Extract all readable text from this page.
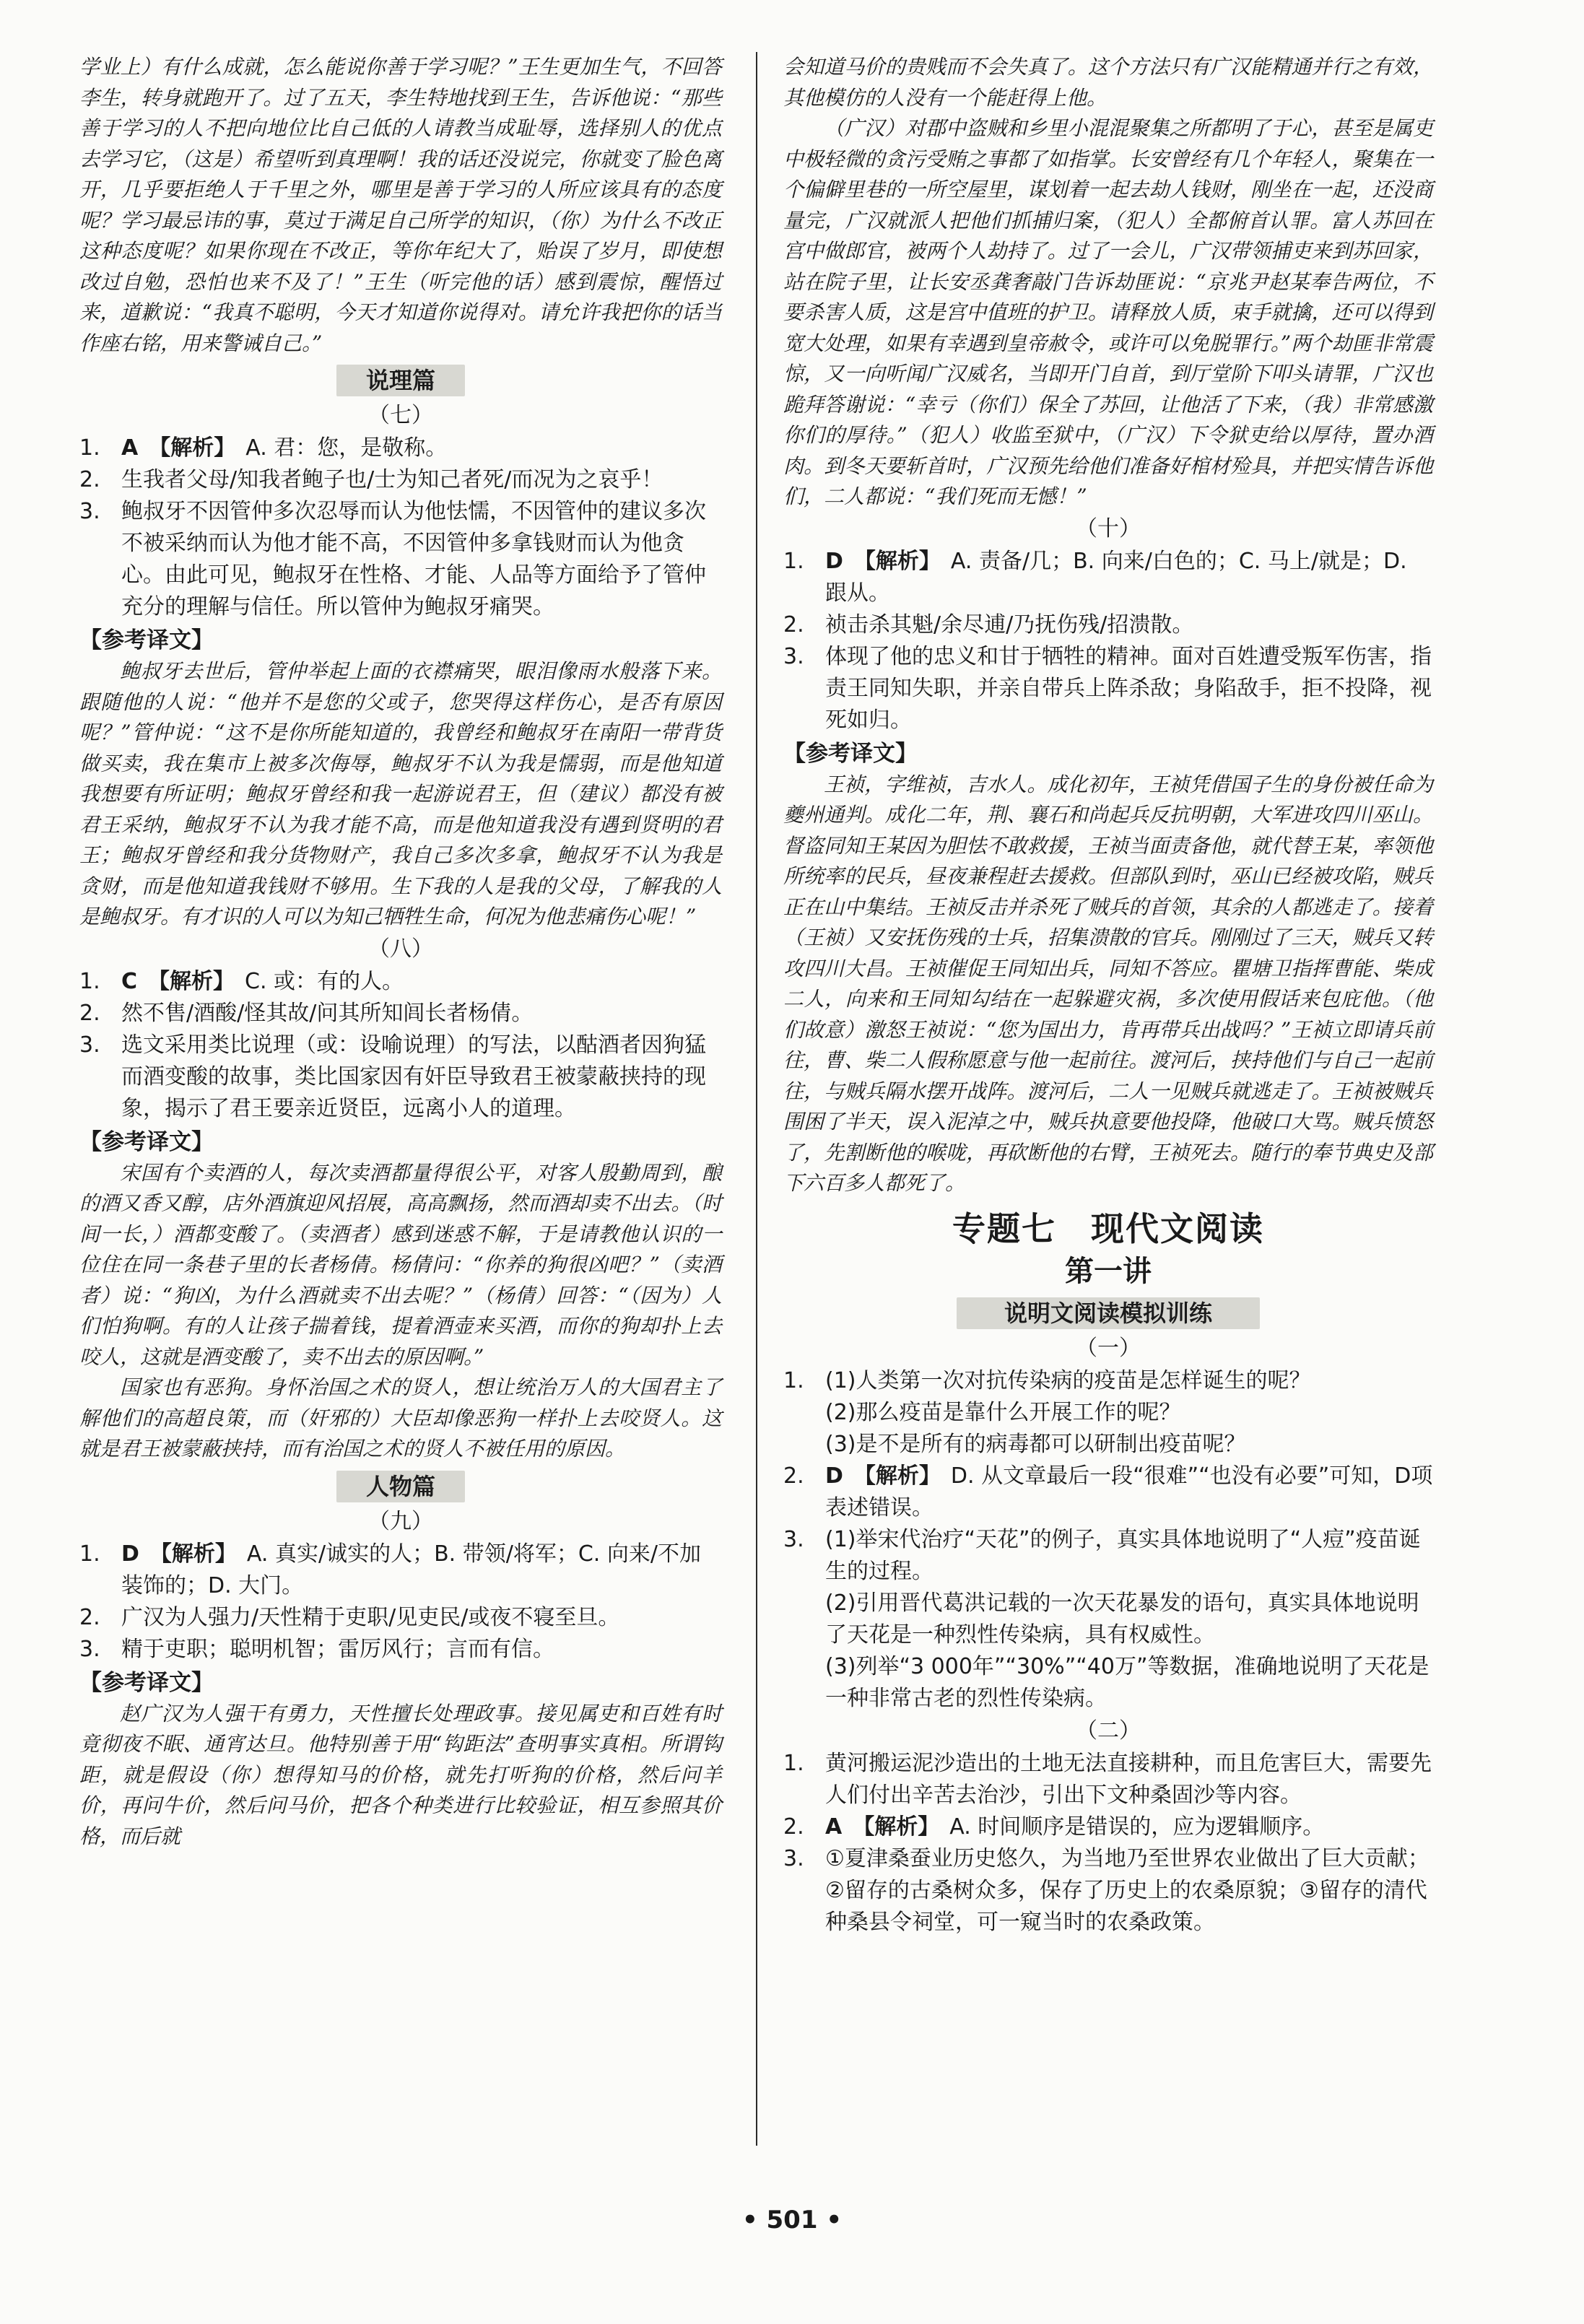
学业上）有什么成就，怎么能说你善于学习呢？”王生更加生气，不回答李生，转身就跑开了。过了五天，李生特地找到王生，告诉他说：“那些善于学习的人不把向地位比自己低的人请教当成耻辱，选择别人的优点去学习它，（这是）希望听到真理啊！我的话还没说完，你就变了脸色离开，几乎要拒绝人于千里之外，哪里是善于学习的人所应该具有的态度呢？学习最忌讳的事，莫过于满足自己所学的知识，（你）为什么不改正这种态度呢？如果你现在不改正，等你年纪大了，贻误了岁月，即使想改过自勉，恐怕也来不及了！”王生（听完他的话）感到震惊，醒悟过来，道歉说：“我真不聪明，今天才知道你说得对。请允许我把你的话当作座右铭，用来警诫自己。”

说理篇
（七）

1. A　【解析】 A. 君：您，是敬称。

2. 生我者父母/知我者鲍子也/士为知己者死/而况为之哀乎！

3. 鲍叔牙不因管仲多次忍辱而认为他怯懦，不因管仲的建议多次不被采纳而认为他才能不高，不因管仲多拿钱财而认为他贪心。由此可见，鲍叔牙在性格、才能、人品等方面给予了管仲充分的理解与信任。所以管仲为鲍叔牙痛哭。

【参考译文】

鲍叔牙去世后，管仲举起上面的衣襟痛哭，眼泪像雨水般落下来。跟随他的人说：“他并不是您的父或子，您哭得这样伤心，是否有原因呢？”管仲说：“这不是你所能知道的，我曾经和鲍叔牙在南阳一带背货做买卖，我在集市上被多次侮辱，鲍叔牙不认为我是懦弱，而是他知道我想要有所证明；鲍叔牙曾经和我一起游说君王，但（建议）都没有被君王采纳，鲍叔牙不认为我才能不高，而是他知道我没有遇到贤明的君王；鲍叔牙曾经和我分货物财产，我自己多次多拿，鲍叔牙不认为我是贪财，而是他知道我钱财不够用。生下我的人是我的父母，了解我的人是鲍叔牙。有才识的人可以为知己牺牲生命，何况为他悲痛伤心呢！”

（八）

1. C　【解析】 C. 或：有的人。

2. 然不售/酒酸/怪其故/问其所知闾长者杨倩。

3. 选文采用类比说理（或：设喻说理）的写法，以酤酒者因狗猛而酒变酸的故事，类比国家因有奸臣导致君王被蒙蔽挟持的现象，揭示了君王要亲近贤臣，远离小人的道理。

【参考译文】

宋国有个卖酒的人，每次卖酒都量得很公平，对客人殷勤周到，酿的酒又香又醇，店外酒旗迎风招展，高高飘扬，然而酒却卖不出去。（时间一长，）酒都变酸了。（卖酒者）感到迷惑不解，于是请教他认识的一位住在同一条巷子里的长者杨倩。杨倩问：“你养的狗很凶吧？”（卖酒者）说：“狗凶，为什么酒就卖不出去呢？”（杨倩）回答：“（因为）人们怕狗啊。有的人让孩子揣着钱，提着酒壶来买酒，而你的狗却扑上去咬人，这就是酒变酸了，卖不出去的原因啊。”

国家也有恶狗。身怀治国之术的贤人，想让统治万人的大国君主了解他们的高超良策，而（奸邪的）大臣却像恶狗一样扑上去咬贤人。这就是君王被蒙蔽挟持，而有治国之术的贤人不被任用的原因。

人物篇
（九）

1. D　【解析】 A. 真实/诚实的人；B. 带领/将军；C. 向来/不加装饰的；D. 大门。

2. 广汉为人强力/天性精于吏职/见吏民/或夜不寝至旦。

3. 精于吏职；聪明机智；雷厉风行；言而有信。

【参考译文】

赵广汉为人强干有勇力，天性擅长处理政事。接见属吏和百姓有时竟彻夜不眠、通宵达旦。他特别善于用“钩距法”查明事实真相。所谓钩距，就是假设（你）想得知马的价格，就先打听狗的价格，然后问羊价，再问牛价，然后问马价，把各个种类进行比较验证，相互参照其价格，而后就

会知道马价的贵贱而不会失真了。这个方法只有广汉能精通并行之有效，其他模仿的人没有一个能赶得上他。

（广汉）对郡中盗贼和乡里小混混聚集之所都明了于心，甚至是属吏中极轻微的贪污受贿之事都了如指掌。长安曾经有几个年轻人，聚集在一个偏僻里巷的一所空屋里，谋划着一起去劫人钱财，刚坐在一起，还没商量完，广汉就派人把他们抓捕归案，（犯人）全都俯首认罪。富人苏回在宫中做郎官，被两个人劫持了。过了一会儿，广汉带领捕吏来到苏回家，站在院子里，让长安丞龚奢敲门告诉劫匪说：“京兆尹赵某奉告两位，不要杀害人质，这是宫中值班的护卫。请释放人质，束手就擒，还可以得到宽大处理，如果有幸遇到皇帝赦令，或许可以免脱罪行。”两个劫匪非常震惊，又一向听闻广汉威名，当即开门自首，到厅堂阶下叩头请罪，广汉也跪拜答谢说：“幸亏（你们）保全了苏回，让他活了下来，（我）非常感激你们的厚待。”（犯人）收监至狱中，（广汉）下令狱吏给以厚待，置办酒肉。到冬天要斩首时，广汉预先给他们准备好棺材殓具，并把实情告诉他们，二人都说：“我们死而无憾！”

（十）

1. D　【解析】 A. 责备/几；B. 向来/白色的；C. 马上/就是；D. 跟从。

2. 祯击杀其魁/余尽逋/乃抚伤残/招溃散。

3. 体现了他的忠义和甘于牺牲的精神。面对百姓遭受叛军伤害，指责王同知失职，并亲自带兵上阵杀敌；身陷敌手，拒不投降，视死如归。

【参考译文】

王祯，字维祯，吉水人。成化初年，王祯凭借国子生的身份被任命为夔州通判。成化二年，荆、襄石和尚起兵反抗明朝，大军进攻四川巫山。督盗同知王某因为胆怯不敢救援，王祯当面责备他，就代替王某，率领他所统率的民兵，昼夜兼程赶去援救。但部队到时，巫山已经被攻陷，贼兵正在山中集结。王祯反击并杀死了贼兵的首领，其余的人都逃走了。接着（王祯）又安抚伤残的士兵，招集溃散的官兵。刚刚过了三天，贼兵又转攻四川大昌。王祯催促王同知出兵，同知不答应。瞿塘卫指挥曹能、柴成二人，向来和王同知勾结在一起躲避灾祸，多次使用假话来包庇他。（他们故意）激怒王祯说：“您为国出力，肯再带兵出战吗？”王祯立即请兵前往，曹、柴二人假称愿意与他一起前往。渡河后，挟持他们与自己一起前往，与贼兵隔水摆开战阵。渡河后，二人一见贼兵就逃走了。王祯被贼兵围困了半天，误入泥淖之中，贼兵执意要他投降，他破口大骂。贼兵愤怒了，先割断他的喉咙，再砍断他的右臂，王祯死去。随行的奉节典史及部下六百多人都死了。

专题七　现代文阅读
第一讲
说明文阅读模拟训练
（一）

1. (1)人类第一次对抗传染病的疫苗是怎样诞生的呢？

(2)那么疫苗是靠什么开展工作的呢？

(3)是不是所有的病毒都可以研制出疫苗呢？

2. D　【解析】 D. 从文章最后一段“很难”“也没有必要”可知，D项表述错误。

3. (1)举宋代治疗“天花”的例子，真实具体地说明了“人痘”疫苗诞生的过程。

(2)引用晋代葛洪记载的一次天花暴发的语句，真实具体地说明了天花是一种烈性传染病，具有权威性。

(3)列举“3 000年”“30%”“40万”等数据，准确地说明了天花是一种非常古老的烈性传染病。

（二）

1. 黄河搬运泥沙造出的土地无法直接耕种，而且危害巨大，需要先人们付出辛苦去治沙，引出下文种桑固沙等内容。

2. A　【解析】 A. 时间顺序是错误的，应为逻辑顺序。

3. ①夏津桑蚕业历史悠久，为当地乃至世界农业做出了巨大贡献；②留存的古桑树众多，保存了历史上的农桑原貌；③留存的清代种桑县令祠堂，可一窥当时的农桑政策。

• 501 •
